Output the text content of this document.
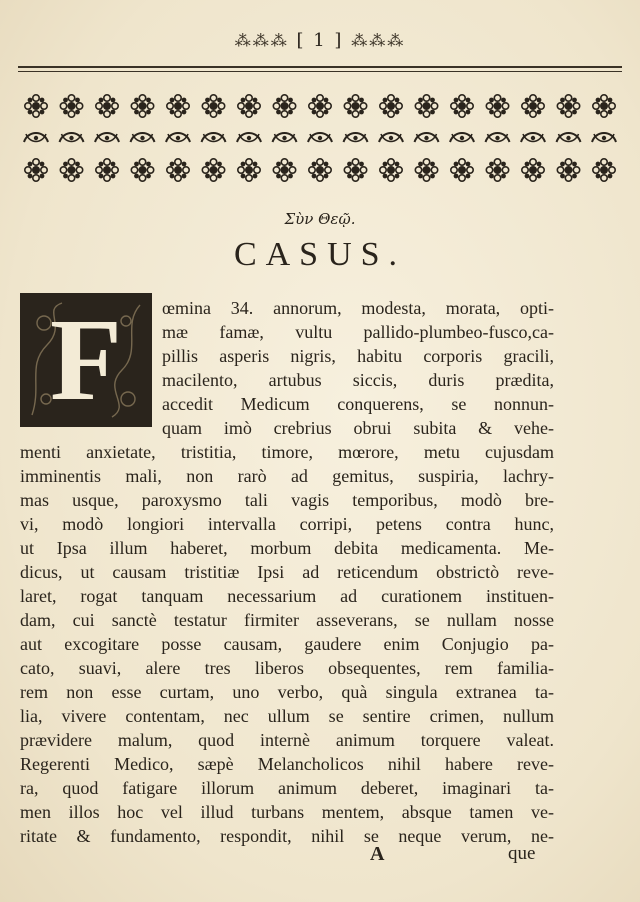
⁂⁂⁂ [ 1 ] ⁂⁂⁂
Σὺν Θεῷ.
CASUS.
F	œmina 34. annorum, modesta, morata, opti-
mæ famæ, vultu pallido-plumbeo-fusco,ca-
pillis asperis nigris, habitu corporis gracili,
macilento, artubus siccis, duris prædita,
accedit Medicum conquerens, se nonnun-
quam imò crebrius obrui subita & vehe-
menti anxietate, tristitia, timore, mœrore, metu cujusdam
imminentis mali, non rarò ad gemitus, suspiria, lachry-
mas usque, paroxysmo tali vagis temporibus, modò bre-
vi, modò longiori intervalla corripi, petens contra hunc,
ut Ipsa illum haberet, morbum debita medicamenta. Me-
dicus, ut causam tristitiæ Ipsi ad reticendum obstrictò reve-
laret, rogat tanquam necessarium ad curationem instituen-
dam, cui sanctè testatur firmiter asseverans, se nullam nosse
aut excogitare posse causam, gaudere enim Conjugio pa-
cato, suavi, alere tres liberos obsequentes, rem familia-
rem non esse curtam, uno verbo, quà singula extranea ta-
lia, vivere contentam, nec ullum se sentire crimen, nullum
prævidere malum, quod internè animum torquere valeat.
Regerenti Medico, sæpè Melancholicos nihil habere reve-
ra, quod fatigare illorum animum deberet, imaginari ta-
men illos hoc vel illud turbans mentem, absque tamen ve-
ritate & fundamento, respondit, nihil se neque verum, ne-
A	que
